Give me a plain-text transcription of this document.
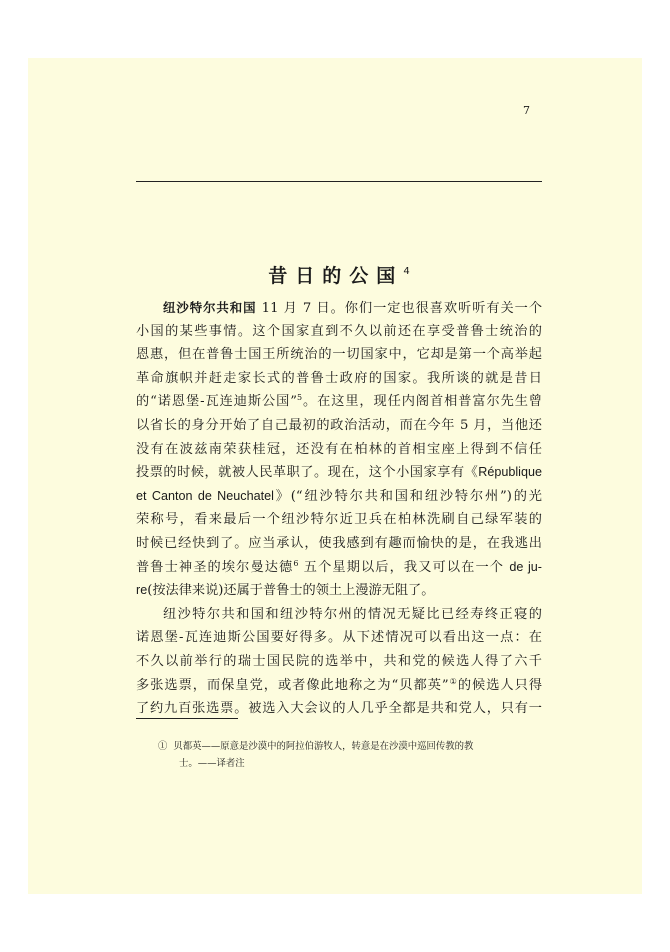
7
昔日的公国$^4$
纽沙特尔共和国 11 月 7 日。你们一定也很喜欢听听有关一个
小国的某些事情。这个国家直到不久以前还在享受普鲁士统治的
恩惠，但在普鲁士国王所统治的一切国家中，它却是第一个高举起
革命旗帜并赶走家长式的普鲁士政府的国家。我所谈的就是昔日
的“诺恩堡-瓦连迪斯公国”$^5$。在这里，现任内阁首相普富尔先生曾
以省长的身分开始了自己最初的政治活动，而在今年 5 月，当他还
没有在波兹南荣获桂冠，还没有在柏林的首相宝座上得到不信任
投票的时候，就被人民革职了。现在，这个小国家享有《République
et Canton de Neuchatel》(“纽沙特尔共和国和纽沙特尔州”)的光
荣称号，看来最后一个纽沙特尔近卫兵在柏林洗刷自己绿军装的
时候已经快到了。应当承认，使我感到有趣而愉快的是，在我逃出
普鲁士神圣的埃尔曼达德$^6$ 五个星期以后，我又可以在一个 de ju-
re(按法律来说)还属于普鲁士的领土上漫游无阻了。
纽沙特尔共和国和纽沙特尔州的情况无疑比已经寿终正寝的
诺恩堡-瓦连迪斯公国要好得多。从下述情况可以看出这一点：在
不久以前举行的瑞士国民院的选举中，共和党的候选人得了六千
多张选票，而保皇党，或者像此地称之为“贝都英”①的候选人只得
了约九百张选票。被选入大会议的人几乎全都是共和党人，只有一
① 贝都英——原意是沙漠中的阿拉伯游牧人，转意是在沙漠中巡回传教的教
士。——译者注
